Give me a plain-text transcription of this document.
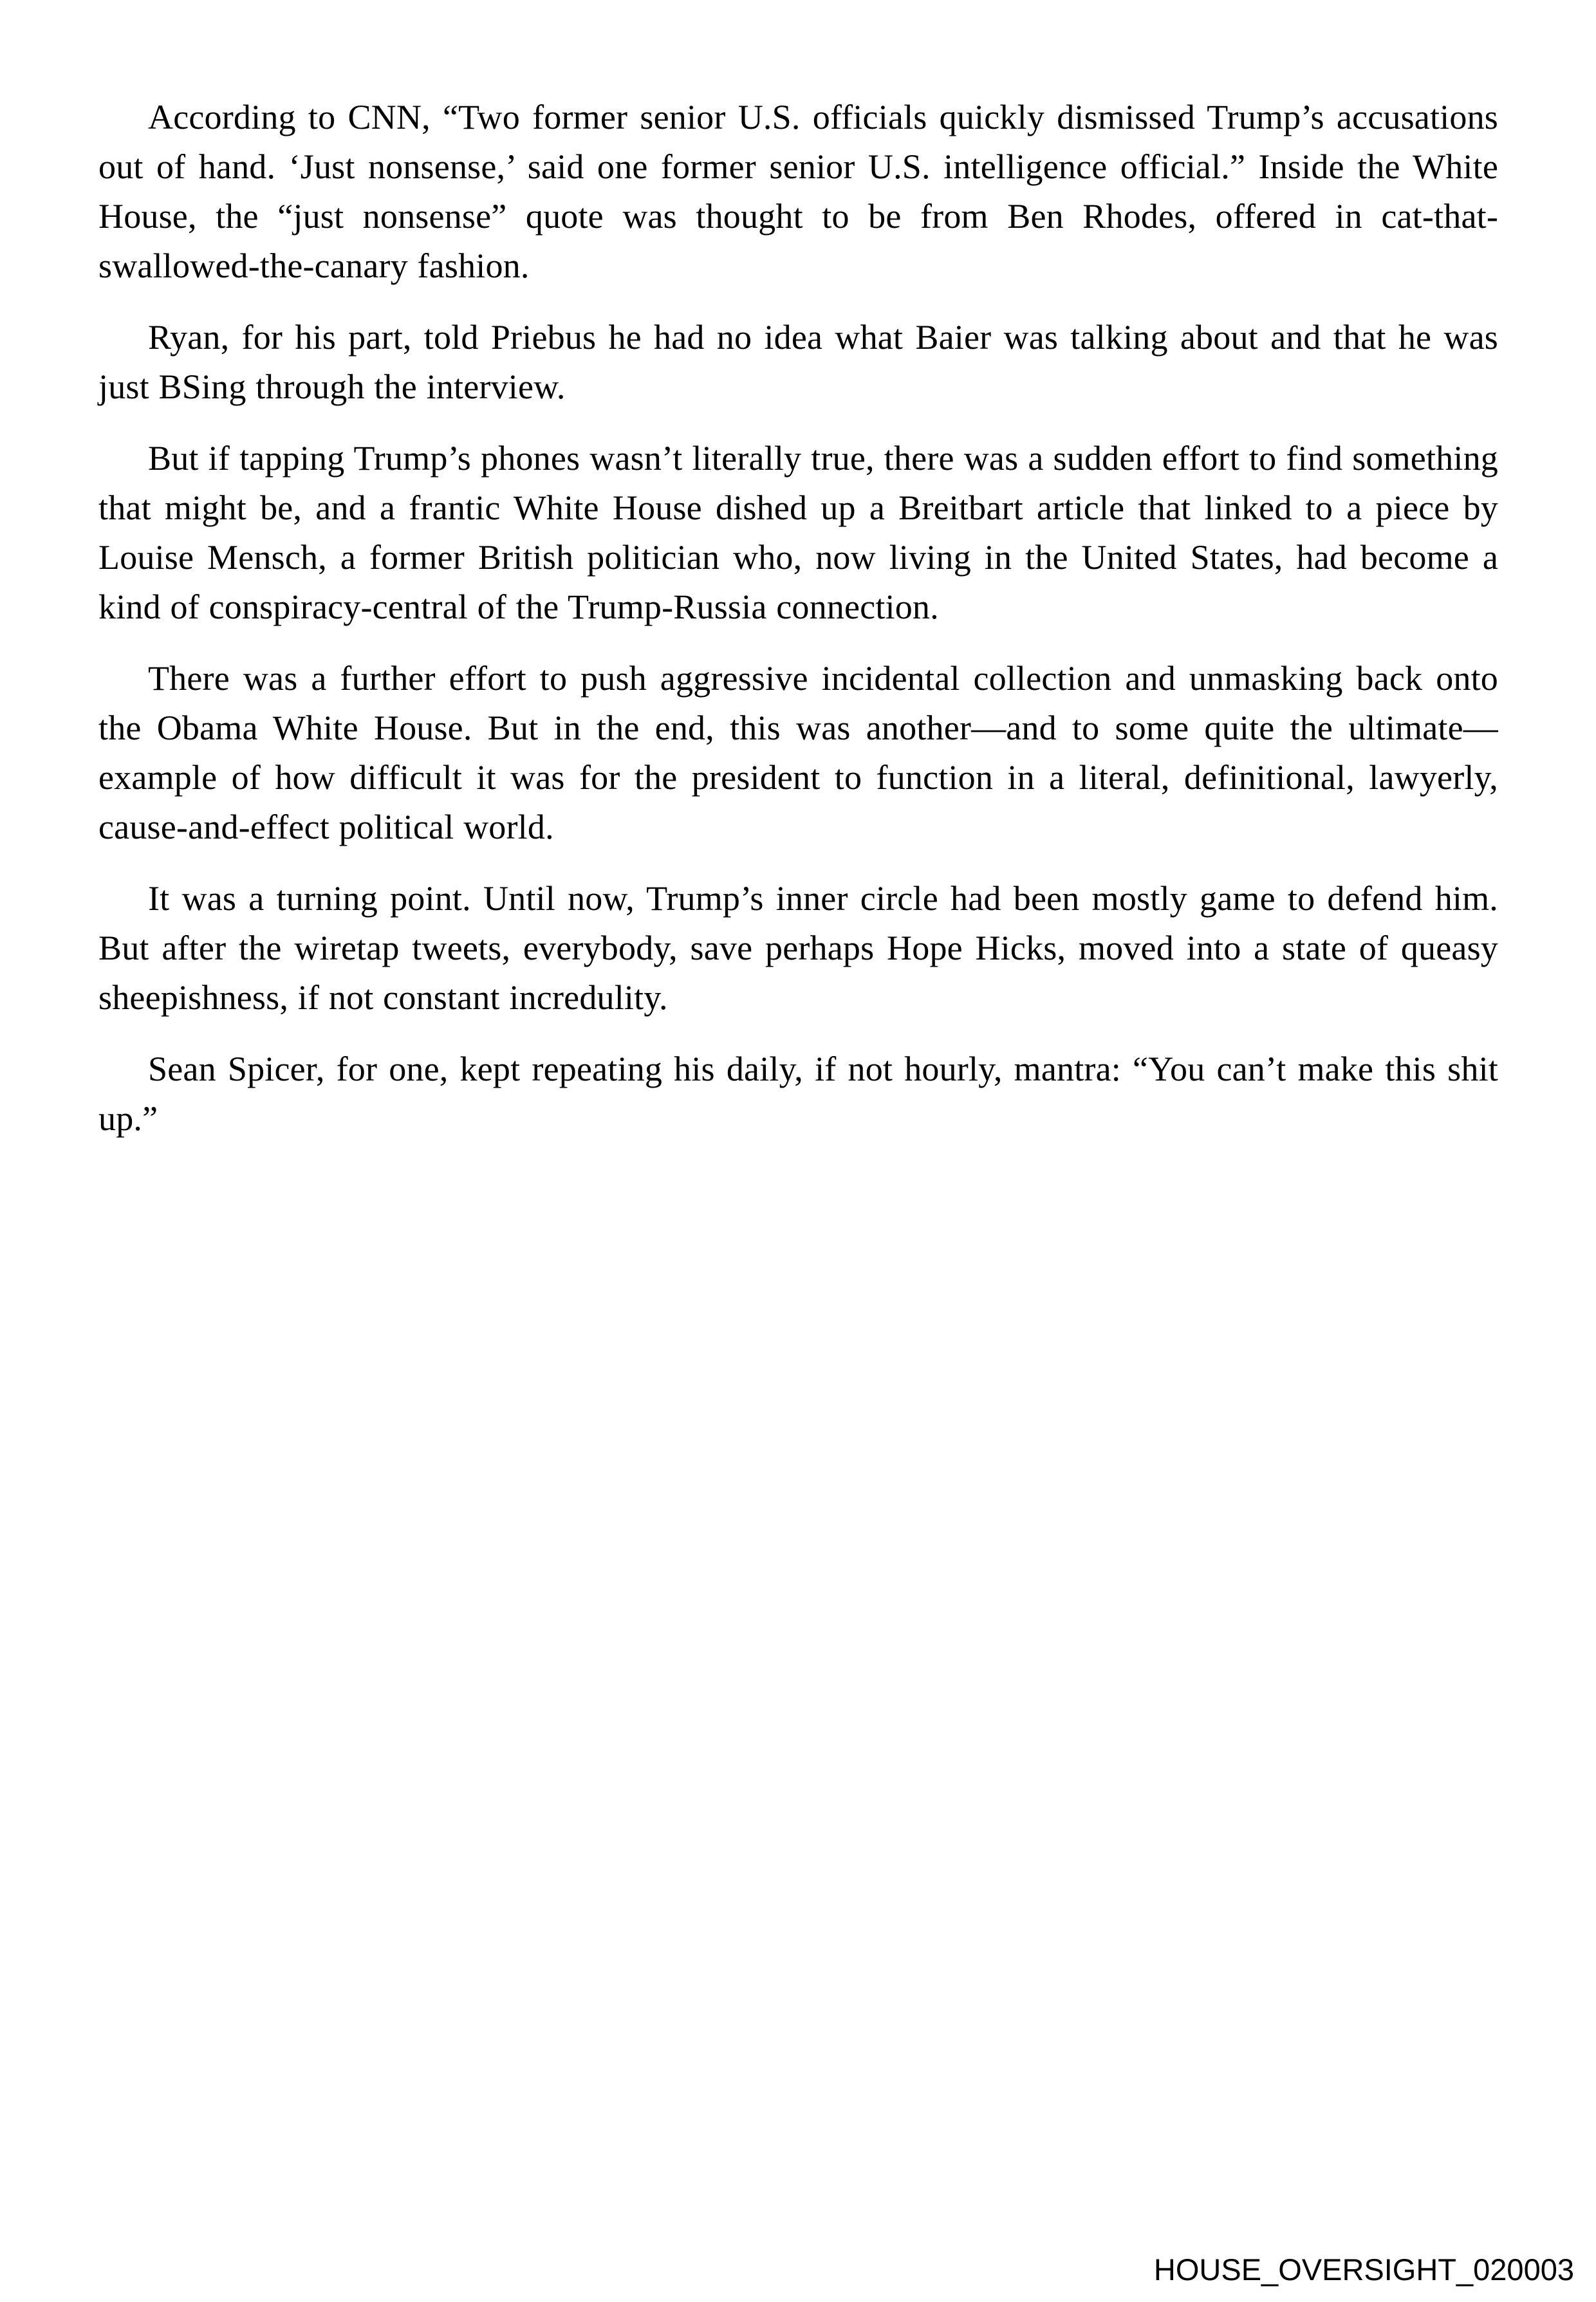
According to CNN, “Two former senior U.S. officials quickly dismissed Trump’s accusations out of hand. ‘Just nonsense,’ said one former senior U.S. intelligence official.” Inside the White House, the “just nonsense” quote was thought to be from Ben Rhodes, offered in cat-that-swallowed-the-canary fashion.

Ryan, for his part, told Priebus he had no idea what Baier was talking about and that he was just BSing through the interview.

But if tapping Trump’s phones wasn’t literally true, there was a sudden effort to find something that might be, and a frantic White House dished up a Breitbart article that linked to a piece by Louise Mensch, a former British politician who, now living in the United States, had become a kind of conspiracy-central of the Trump-Russia connection.

There was a further effort to push aggressive incidental collection and unmasking back onto the Obama White House. But in the end, this was another—and to some quite the ultimate—example of how difficult it was for the president to function in a literal, definitional, lawyerly, cause-and-effect political world.

It was a turning point. Until now, Trump’s inner circle had been mostly game to defend him. But after the wiretap tweets, everybody, save perhaps Hope Hicks, moved into a state of queasy sheepishness, if not constant incredulity.

Sean Spicer, for one, kept repeating his daily, if not hourly, mantra: “You can’t make this shit up.”

HOUSE_OVERSIGHT_020003
